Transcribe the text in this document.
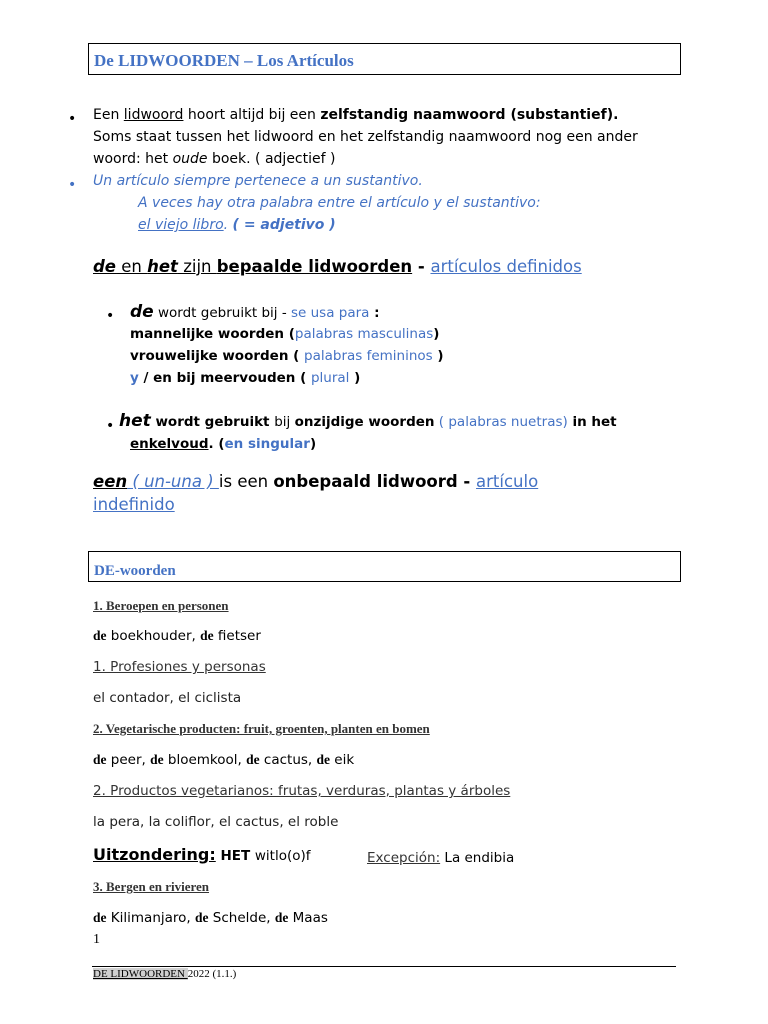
De LIDWOORDEN – Los Artículos
• Een lidwoord hoort altijd bij een zelfstandig naamwoord (substantief).
Soms staat tussen het lidwoord en het zelfstandig naamwoord nog een ander
woord: het oude boek. ( adjectief )
• Un artículo siempre pertenece a un sustantivo.
A veces hay otra palabra entre el artículo y el sustantivo:
el viejo libro. ( = adjetivo )
de en het zijn bepaalde lidwoorden - artículos definidos
• de wordt gebruikt bij - se usa para :
mannelijke woorden (palabras masculinas)
vrouwelijke woorden ( palabras femininos )
y / en bij meervouden ( plural )
• het wordt gebruikt bij onzijdige woorden ( palabras nuetras) in het
enkelvoud. (en singular)
een ( un-una ) is een onbepaald lidwoord - artículo
indefinido
DE-woorden
1. Beroepen en personen
de boekhouder, de fietser
1. Profesiones y personas
el contador, el ciclista
2. Vegetarische producten: fruit, groenten, planten en bomen
de peer, de bloemkool, de cactus, de eik
2. Productos vegetarianos: frutas, verduras, plantas y árboles
la pera, la coliflor, el cactus, el roble
Uitzondering: HET witlo(o)f	Excepción: La endibia
3. Bergen en rivieren
de Kilimanjaro, de Schelde, de Maas
1
DE LIDWOORDEN 2022 (1.1.)
